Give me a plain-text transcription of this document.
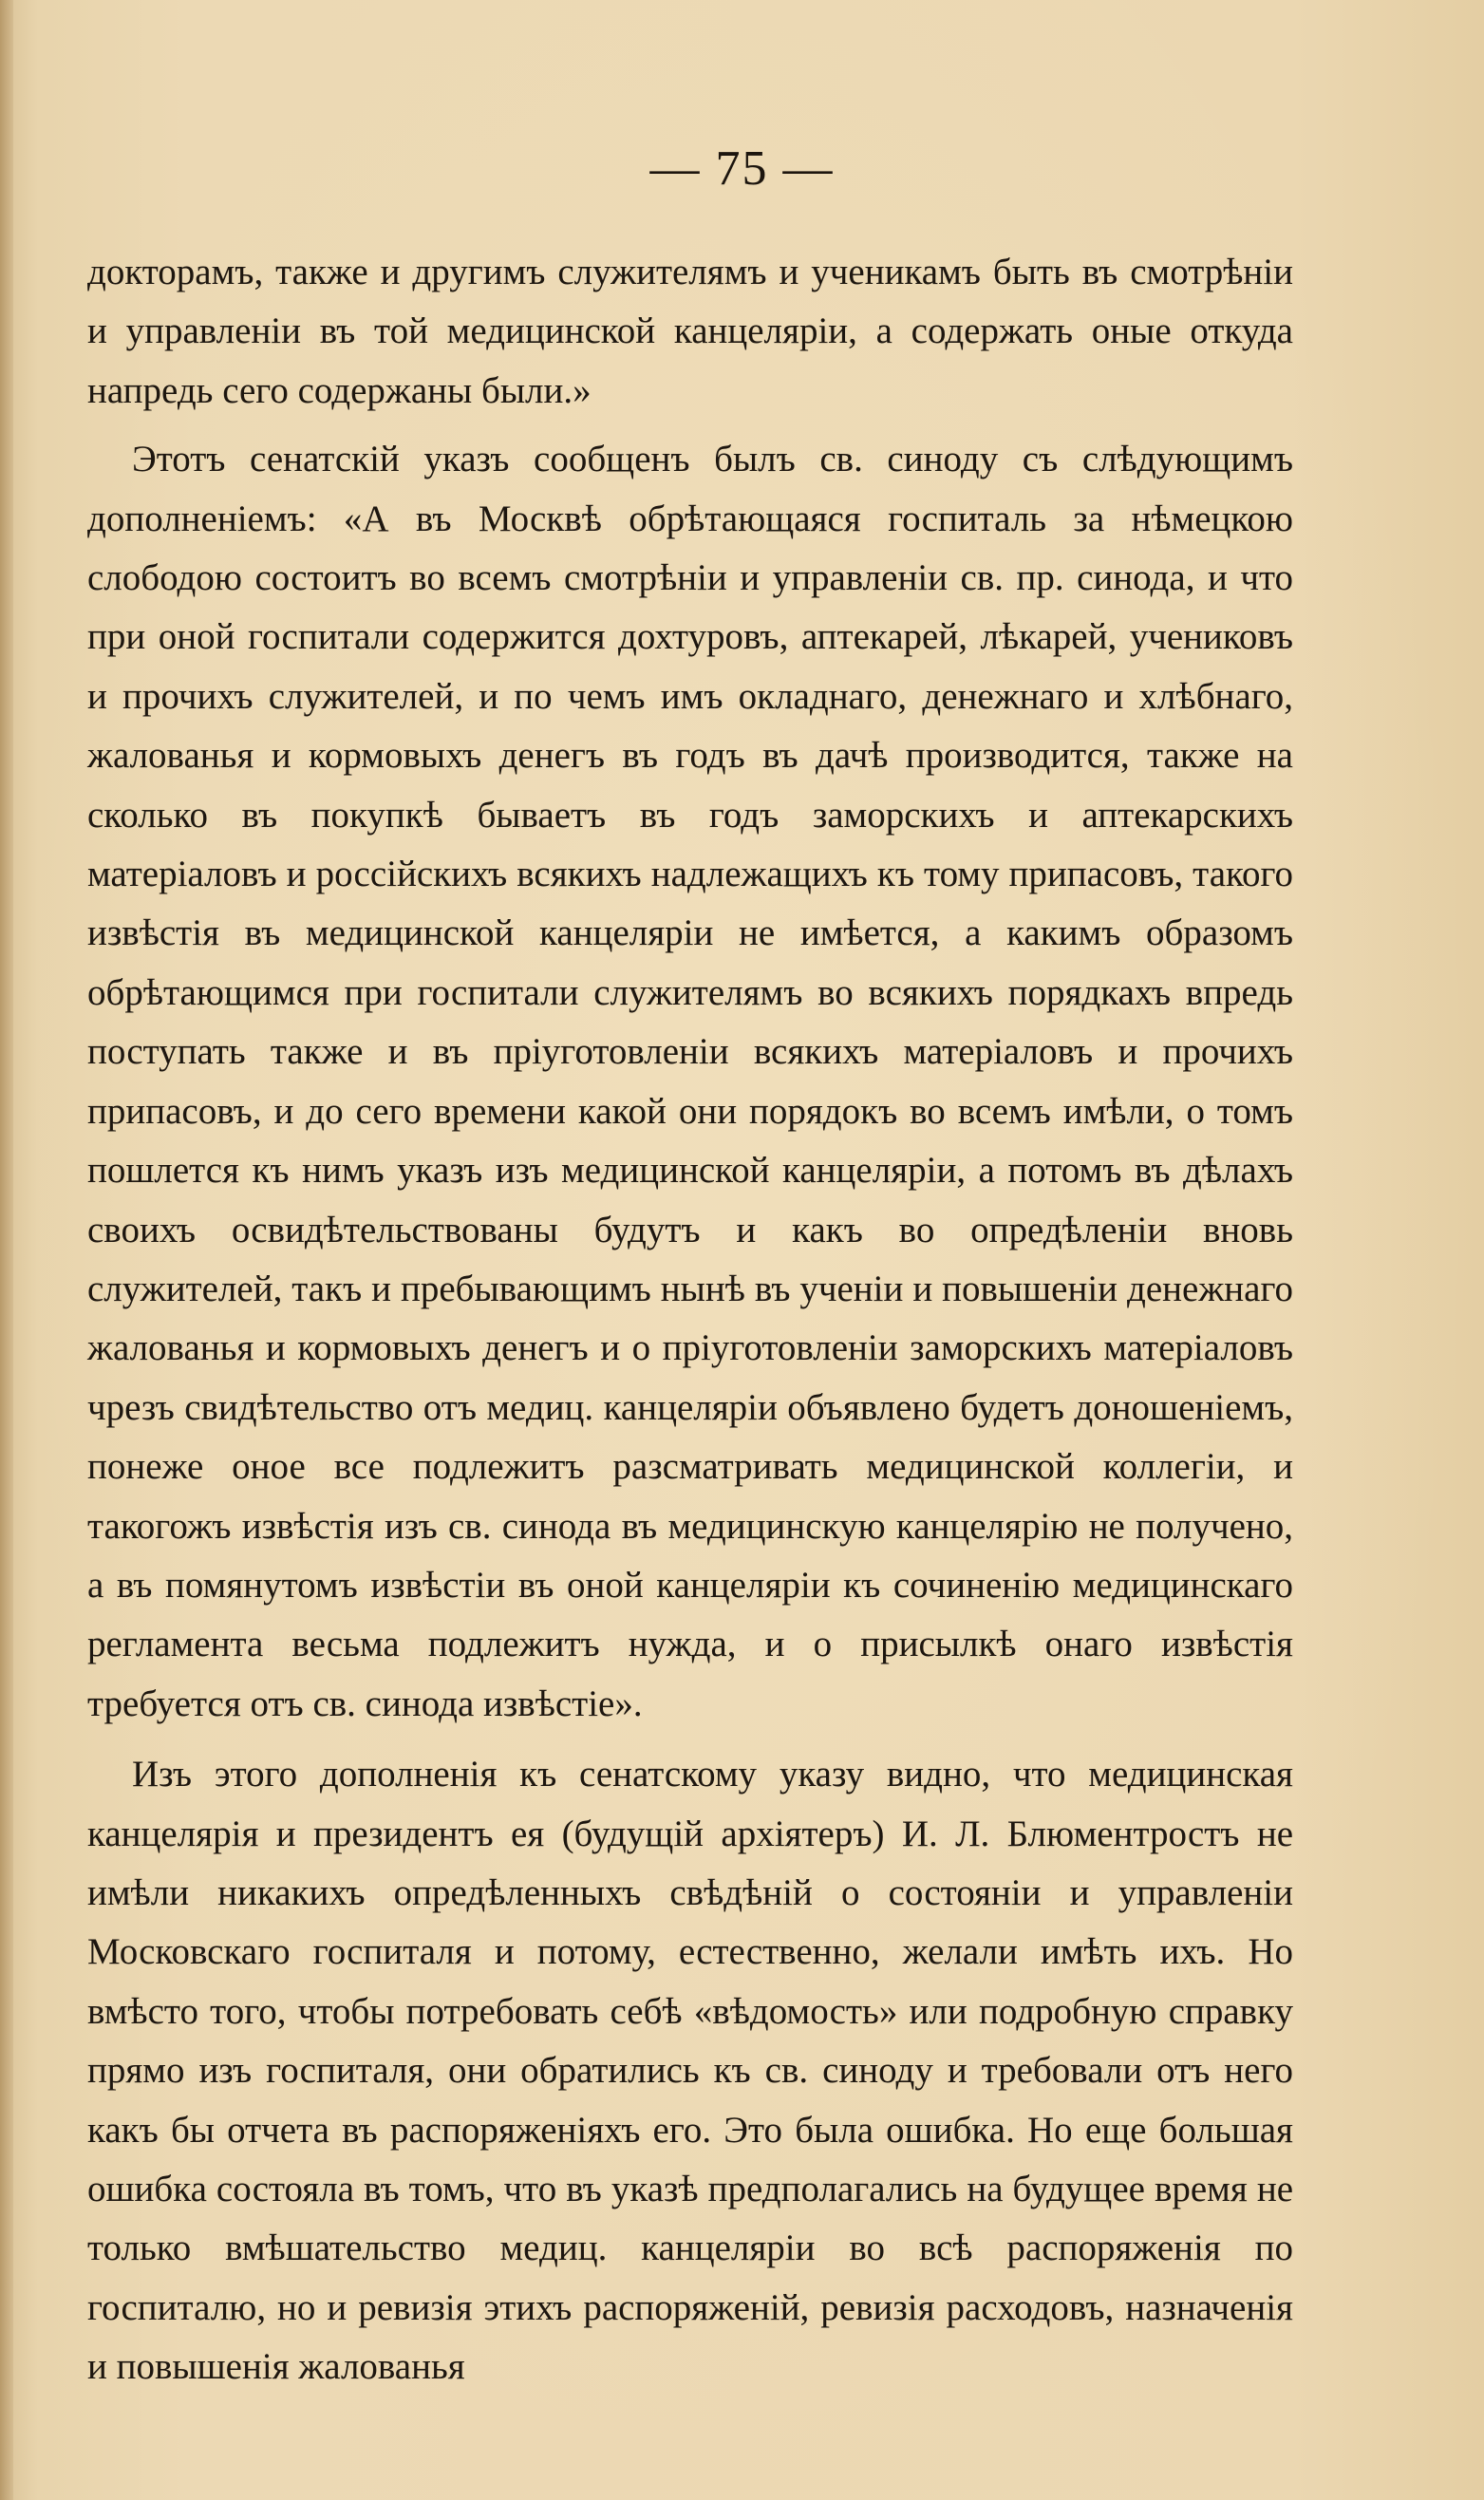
— 75 —

докторамъ, также и другимъ служителямъ и ученикамъ быть въ смотрѣніи и управленіи въ той медицинской канцеляріи, а содержать оные откуда напредь сего содержаны были.»

Этотъ сенатскій указъ сообщенъ былъ св. синоду съ слѣдующимъ дополненіемъ: «А въ Москвѣ обрѣтающаяся госпиталь за нѣмецкою слободою состоитъ во всемъ смотрѣніи и управленіи св. пр. синода, и что при оной госпитали содержится дохтуровъ, аптекарей, лѣкарей, учениковъ и прочихъ служителей, и по чемъ имъ окладнаго, денежнаго и хлѣбнаго, жалованья и кормовыхъ денегъ въ годъ въ дачѣ производится, также на сколько въ покупкѣ бываетъ въ годъ заморскихъ и аптекарскихъ матеріаловъ и россійскихъ всякихъ надлежащихъ къ тому припасовъ, такого извѣстія въ медицинской канцеляріи не имѣется, а какимъ образомъ обрѣтающимся при госпитали служителямъ во всякихъ порядкахъ впредь поступать также и въ пріуготовленіи всякихъ матеріаловъ и прочихъ припасовъ, и до сего времени какой они порядокъ во всемъ имѣли, о томъ пошлется къ нимъ указъ изъ медицинской канцеляріи, а потомъ въ дѣлахъ своихъ освидѣтельствованы будутъ и какъ во опредѣленіи вновь служителей, такъ и пребывающимъ нынѣ въ ученіи и повышеніи денежнаго жалованья и кормовыхъ денегъ и о пріуготовленіи заморскихъ матеріаловъ чрезъ свидѣтельство отъ медиц. канцеляріи объявлено будетъ доношеніемъ, понеже оное все подлежитъ разсматривать медицинской коллегіи, и такогожъ извѣстія изъ св. синода въ медицинскую канцелярію не получено, а въ помянутомъ извѣстіи въ оной канцеляріи къ сочиненію медицинскаго регламента весьма подлежитъ нужда, и о присылкѣ онаго извѣстія требуется отъ св. синода извѣстіе».

Изъ этого дополненія къ сенатскому указу видно, что медицинская канцелярія и президентъ ея (будущій архіятеръ) И. Л. Блюментростъ не имѣли никакихъ опредѣленныхъ свѣдѣній о состояніи и управленіи Московскаго госпиталя и потому, естественно, желали имѣть ихъ. Но вмѣсто того, чтобы потребовать себѣ «вѣдомость» или подробную справку прямо изъ госпиталя, они обратились къ св. синоду и требовали отъ него какъ бы отчета въ распоряженіяхъ его. Это была ошибка. Но еще большая ошибка состояла въ томъ, что въ указѣ предполагались на будущее время не только вмѣшательство медиц. канцеляріи во всѣ распоряженія по госпиталю, но и ревизія этихъ распоряженій, ревизія расходовъ, назначенія и повышенія жалованья
